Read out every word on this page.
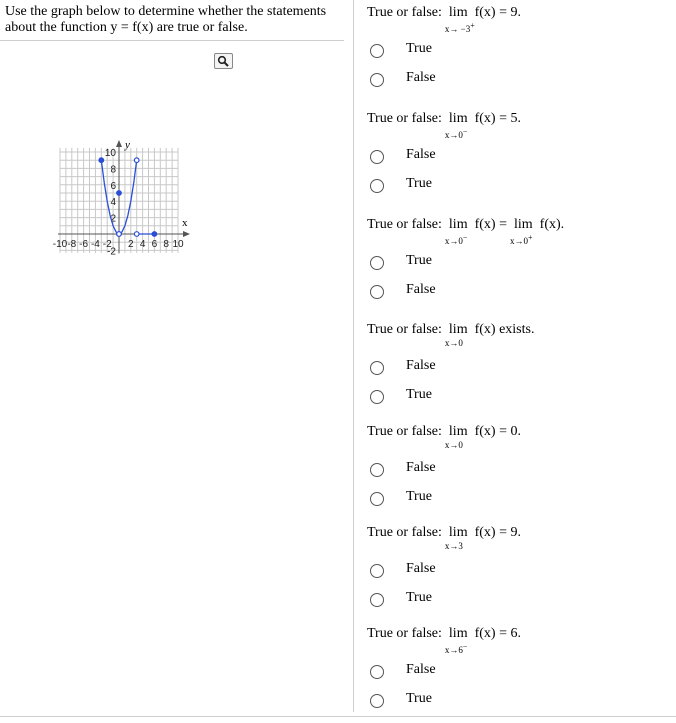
Use the graph below to determine whether the statements about the function y = f(x) are true or false.
x
y
-10 -8 -6 -4 -2 2 4 6 8 10
10
8
6
4
2
-2
True or false:  lim
x→ −3+
 f(x) = 9.
True
False
True or false:  lim
x→0−
 f(x) = 5.
False
True
True or false:  lim
x→0−
 f(x) =  lim
x→0+
 f(x).
True
False
True or false:  lim
x→0
 f(x) exists.
False
True
True or false:  lim
x→0
 f(x) = 0.
False
True
True or false:  lim
x→3
 f(x) = 9.
False
True
True or false:  lim
x→6−
 f(x) = 6.
False
True
